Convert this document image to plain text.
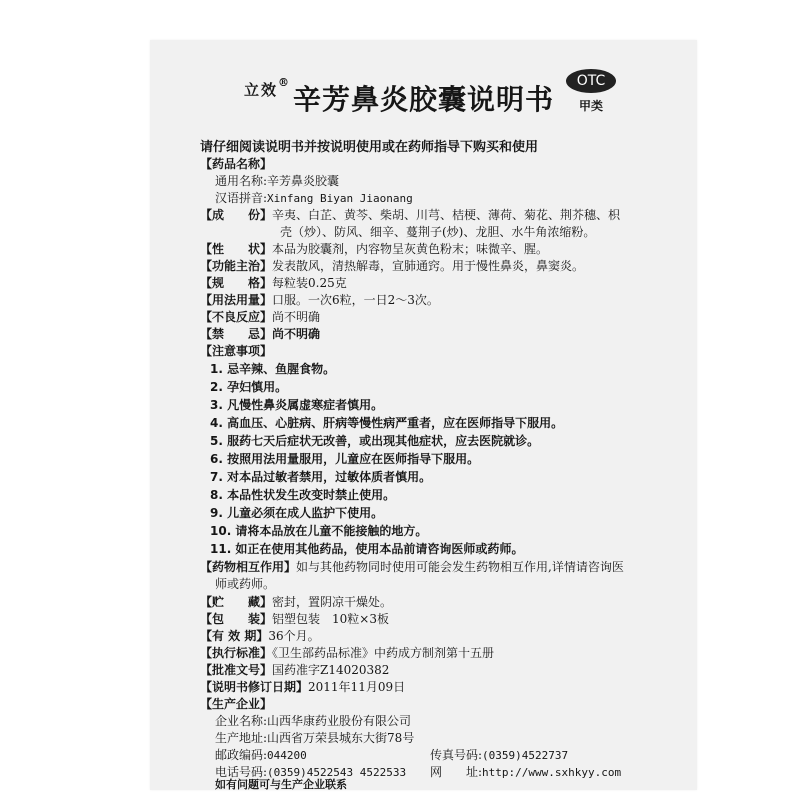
立效®
辛芳鼻炎胶囊说明书
OTC
甲类
请仔细阅读说明书并按说明使用或在药师指导下购买和使用
【药品名称】
通用名称:辛芳鼻炎胶囊
汉语拼音:Xinfang Biyan Jiaonang
【成　　份】辛夷、白芷、黄芩、柴胡、川芎、桔梗、薄荷、菊花、荆芥穗、枳
壳（炒）、防风、细辛、蔓荆子(炒)、龙胆、水牛角浓缩粉。
【性　　状】本品为胶囊剂，内容物呈灰黄色粉末；味微辛、腥。
【功能主治】发表散风，清热解毒，宣肺通窍。用于慢性鼻炎，鼻窦炎。
【规　　格】每粒装0.25克
【用法用量】口服。一次6粒，一日2～3次。
【不良反应】尚不明确
【禁　　忌】尚不明确
【注意事项】
1. 忌辛辣、鱼腥食物。
2. 孕妇慎用。
3. 凡慢性鼻炎属虚寒症者慎用。
4. 高血压、心脏病、肝病等慢性病严重者，应在医师指导下服用。
5. 服药七天后症状无改善，或出现其他症状，应去医院就诊。
6. 按照用法用量服用，儿童应在医师指导下服用。
7. 对本品过敏者禁用，过敏体质者慎用。
8. 本品性状发生改变时禁止使用。
9. 儿童必须在成人监护下使用。
10. 请将本品放在儿童不能接触的地方。
11. 如正在使用其他药品，使用本品前请咨询医师或药师。
【药物相互作用】如与其他药物同时使用可能会发生药物相互作用,详情请咨询医
师或药师。
【贮　　藏】密封，置阴凉干燥处。
【包　　装】铝塑包装　10粒×3板
【有 效 期】36个月。
【执行标准】《卫生部药品标准》中药成方制剂第十五册
【批准文号】国药准字Z14020382
【说明书修订日期】2011年11月09日
【生产企业】
企业名称:山西华康药业股份有限公司
生产地址:山西省万荣县城东大街78号
邮政编码:044200
电话号码:(0359)4522543 4522533
传真号码:(0359)4522737
网　　址:http://www.sxhkyy.com
如有问题可与生产企业联系
